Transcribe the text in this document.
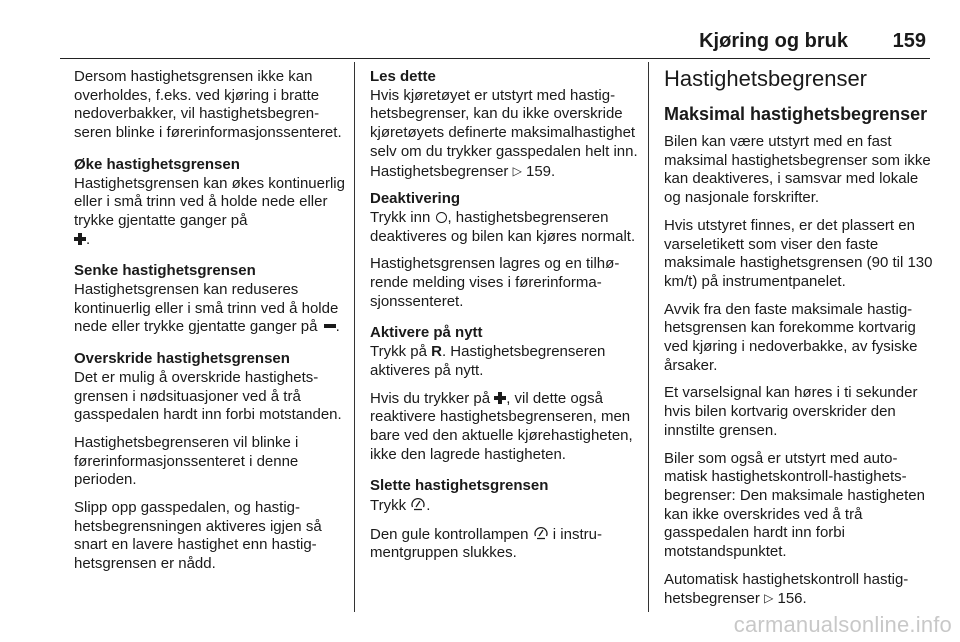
Kjøring og bruk 159

Dersom hastighetsgrensen ikke kan overholdes, f.eks. ved kjøring i bratte nedoverbakker, vil hastighetsbegrenseren blinke i førerinformasjonssenteret.

Øke hastighetsgrensen

Hastighetsgrensen kan økes kontinuerlig eller i små trinn ved å holde nede eller trykke gjentatte ganger på
.

Senke hastighetsgrensen

Hastighetsgrensen kan reduseres kontinuerlig eller i små trinn ved å holde nede eller trykke gjentatte ganger på .

Overskride hastighetsgrensen

Det er mulig å overskride hastighetsgrensen i nødsituasjoner ved å trå gasspedalen hardt inn forbi motstanden.

Hastighetsbegrenseren vil blinke i førerinformasjonssenteret i denne perioden.

Slipp opp gasspedalen, og hastighetsbegrensningen aktiveres igjen så snart en lavere hastighet enn hastighetsgrensen er nådd.

Les dette

Hvis kjøretøyet er utstyrt med hastighetsbegrenser, kan du ikke overskride kjøretøyets definerte maksimalhastighet selv om du trykker gasspedalen helt inn. Hastighetsbegrenser ▷ 159.

Deaktivering

Trykk inn , hastighetsbegrenseren deaktiveres og bilen kan kjøres normalt.

Hastighetsgrensen lagres og en tilhørende melding vises i førerinformasjonssenteret.

Aktivere på nytt

Trykk på R. Hastighetsbegrenseren aktiveres på nytt.

Hvis du trykker på , vil dette også reaktivere hastighetsbegrenseren, men bare ved den aktuelle kjørehastigheten, ikke den lagrede hastigheten.

Slette hastighetsgrensen

Trykk .

Den gule kontrollampen i instrumentgruppen slukkes.

Hastighetsbegrenser
Maksimal hastighetsbegrenser

Bilen kan være utstyrt med en fast maksimal hastighetsbegrenser som ikke kan deaktiveres, i samsvar med lokale og nasjonale forskrifter.

Hvis utstyret finnes, er det plassert en varseletikett som viser den faste maksimale hastighetsgrensen (90 til 130 km/t) på instrumentpanelet.

Avvik fra den faste maksimale hastighetsgrensen kan forekomme kortvarig ved kjøring i nedoverbakke, av fysiske årsaker.

Et varselsignal kan høres i ti sekunder hvis bilen kortvarig overskrider den innstilte grensen.

Biler som også er utstyrt med automatisk hastighetskontroll-hastighetsbegrenser: Den maksimale hastigheten kan ikke overskrides ved å trå gasspedalen hardt inn forbi motstandspunktet.

Automatisk hastighetskontroll hastighetsbegrenser ▷ 156.

carmanualsonline.info
